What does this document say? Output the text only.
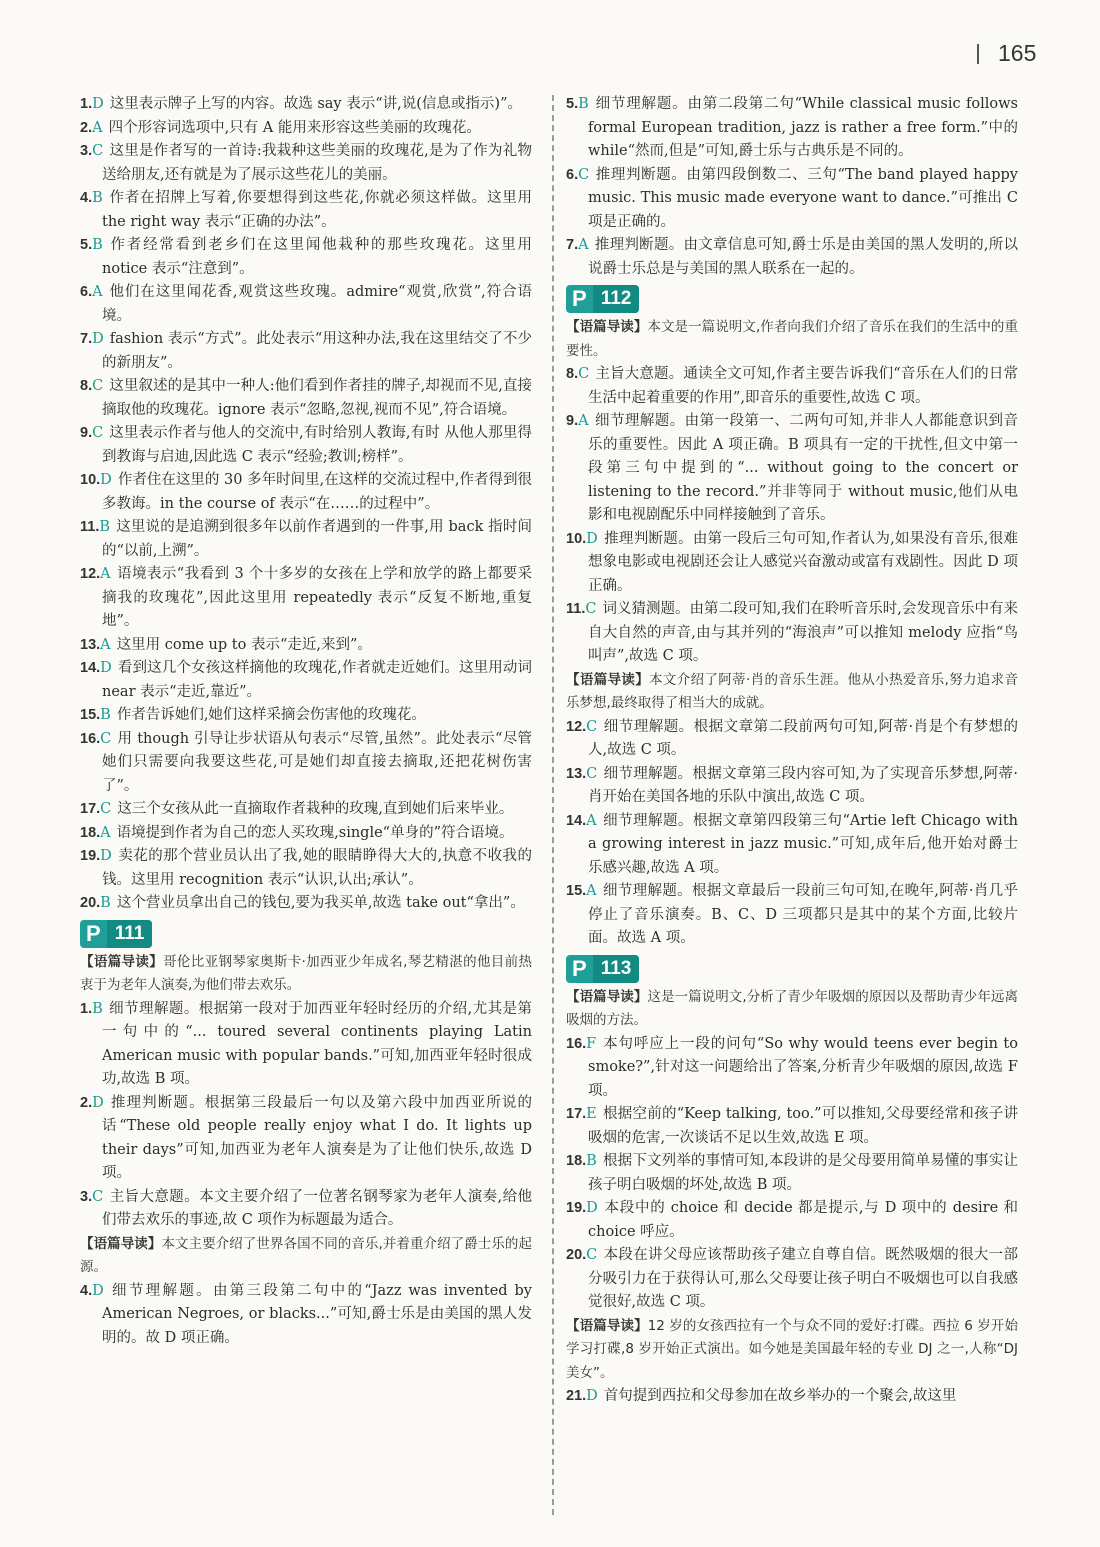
165

1.D 这里表示牌子上写的内容。故选 say 表示“讲,说(信息或指示)”。

2.A 四个形容词选项中,只有 A 能用来形容这些美丽的玫瑰花。

3.C 这里是作者写的一首诗:我栽种这些美丽的玫瑰花,是为了作为礼物送给朋友,还有就是为了展示这些花儿的美丽。

4.B 作者在招牌上写着,你要想得到这些花,你就必须这样做。这里用 the right way 表示“正确的办法”。

5.B 作者经常看到老乡们在这里闻他栽种的那些玫瑰花。这里用 notice 表示“注意到”。

6.A 他们在这里闻花香,观赏这些玫瑰。admire“观赏,欣赏”,符合语境。

7.D fashion 表示“方式”。此处表示“用这种办法,我在这里结交了不少的新朋友”。

8.C 这里叙述的是其中一种人:他们看到作者挂的牌子,却视而不见,直接摘取他的玫瑰花。ignore 表示“忽略,忽视,视而不见”,符合语境。

9.C 这里表示作者与他人的交流中,有时给别人教诲,有时 从他人那里得到教诲与启迪,因此选 C 表示“经验;教训;榜样”。

10.D 作者住在这里的 30 多年时间里,在这样的交流过程中,作者得到很多教诲。in the course of 表示“在……的过程中”。

11.B 这里说的是追溯到很多年以前作者遇到的一件事,用 back 指时间的“以前,上溯”。

12.A 语境表示“我看到 3 个十多岁的女孩在上学和放学的路上都要采摘我的玫瑰花”,因此这里用 repeatedly 表示“反复不断地,重复地”。

13.A 这里用 come up to 表示“走近,来到”。

14.D 看到这几个女孩这样摘他的玫瑰花,作者就走近她们。这里用动词 near 表示“走近,靠近”。

15.B 作者告诉她们,她们这样采摘会伤害他的玫瑰花。

16.C 用 though 引导让步状语从句表示“尽管,虽然”。此处表示“尽管她们只需要向我要这些花,可是她们却直接去摘取,还把花树伤害了”。

17.C 这三个女孩从此一直摘取作者栽种的玫瑰,直到她们后来毕业。

18.A 语境提到作者为自己的恋人买玫瑰,single“单身的”符合语境。

19.D 卖花的那个营业员认出了我,她的眼睛睁得大大的,执意不收我的钱。这里用 recognition 表示“认识,认出;承认”。

20.B 这个营业员拿出自己的钱包,要为我买单,故选 take out“拿出”。

P 111

【语篇导读】哥伦比亚钢琴家奥斯卡·加西亚少年成名,琴艺精湛的他目前热衷于为老年人演奏,为他们带去欢乐。

1.B 细节理解题。根据第一段对于加西亚年轻时经历的介绍,尤其是第一句中的“... toured several continents playing Latin American music with popular bands.”可知,加西亚年轻时很成功,故选 B 项。

2.D 推理判断题。根据第三段最后一句以及第六段中加西亚所说的话“These old people really enjoy what I do. It lights up their days”可知,加西亚为老年人演奏是为了让他们快乐,故选 D 项。

3.C 主旨大意题。本文主要介绍了一位著名钢琴家为老年人演奏,给他们带去欢乐的事迹,故 C 项作为标题最为适合。

【语篇导读】本文主要介绍了世界各国不同的音乐,并着重介绍了爵士乐的起源。

4.D 细节理解题。由第三段第二句中的“Jazz was invented by American Negroes, or blacks...”可知,爵士乐是由美国的黑人发明的。故 D 项正确。

5.B 细节理解题。由第二段第二句“While classical music follows formal European tradition, jazz is rather a free form.”中的 while“然而,但是”可知,爵士乐与古典乐是不同的。

6.C 推理判断题。由第四段倒数二、三句“The band played happy music. This music made everyone want to dance.”可推出 C 项是正确的。

7.A 推理判断题。由文章信息可知,爵士乐是由美国的黑人发明的,所以说爵士乐总是与美国的黑人联系在一起的。

P 112

【语篇导读】本文是一篇说明文,作者向我们介绍了音乐在我们的生活中的重要性。

8.C 主旨大意题。通读全文可知,作者主要告诉我们“音乐在人们的日常生活中起着重要的作用”,即音乐的重要性,故选 C 项。

9.A 细节理解题。由第一段第一、二两句可知,并非人人都能意识到音乐的重要性。因此 A 项正确。B 项具有一定的干扰性,但文中第一段第三句中提到的“... without going to the concert or listening to the record.”并非等同于 without music,他们从电影和电视剧配乐中同样接触到了音乐。

10.D 推理判断题。由第一段后三句可知,作者认为,如果没有音乐,很难想象电影或电视剧还会让人感觉兴奋激动或富有戏剧性。因此 D 项正确。

11.C 词义猜测题。由第二段可知,我们在聆听音乐时,会发现音乐中有来自大自然的声音,由与其并列的“海浪声”可以推知 melody 应指“鸟叫声”,故选 C 项。

【语篇导读】本文介绍了阿蒂·肖的音乐生涯。他从小热爱音乐,努力追求音乐梦想,最终取得了相当大的成就。

12.C 细节理解题。根据文章第二段前两句可知,阿蒂·肖是个有梦想的人,故选 C 项。

13.C 细节理解题。根据文章第三段内容可知,为了实现音乐梦想,阿蒂·肖开始在美国各地的乐队中演出,故选 C 项。

14.A 细节理解题。根据文章第四段第三句“Artie left Chicago with a growing interest in jazz music.”可知,成年后,他开始对爵士乐感兴趣,故选 A 项。

15.A 细节理解题。根据文章最后一段前三句可知,在晚年,阿蒂·肖几乎停止了音乐演奏。B、C、D 三项都只是其中的某个方面,比较片面。故选 A 项。

P 113

【语篇导读】这是一篇说明文,分析了青少年吸烟的原因以及帮助青少年远离吸烟的方法。

16.F 本句呼应上一段的问句“So why would teens ever begin to smoke?”,针对这一问题给出了答案,分析青少年吸烟的原因,故选 F 项。

17.E 根据空前的“Keep talking, too.”可以推知,父母要经常和孩子讲吸烟的危害,一次谈话不足以生效,故选 E 项。

18.B 根据下文列举的事情可知,本段讲的是父母要用简单易懂的事实让孩子明白吸烟的坏处,故选 B 项。

19.D 本段中的 choice 和 decide 都是提示,与 D 项中的 desire 和 choice 呼应。

20.C 本段在讲父母应该帮助孩子建立自尊自信。既然吸烟的很大一部分吸引力在于获得认可,那么父母要让孩子明白不吸烟也可以自我感觉很好,故选 C 项。

【语篇导读】12 岁的女孩西拉有一个与众不同的爱好:打碟。西拉 6 岁开始学习打碟,8 岁开始正式演出。如今她是美国最年轻的专业 DJ 之一,人称“DJ 美女”。

21.D 首句提到西拉和父母参加在故乡举办的一个聚会,故这里
